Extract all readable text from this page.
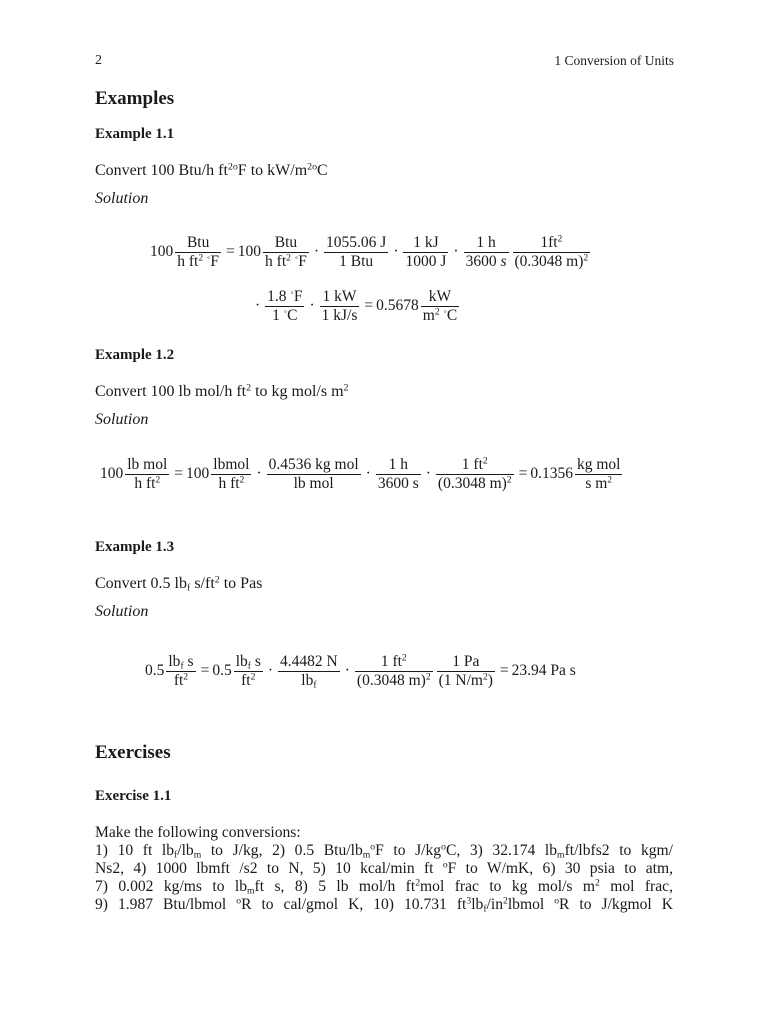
2	1 Conversion of Units
Examples
Example 1.1
Convert 100 Btu/h $ft^{2o}F$ to $kW/m^{2o}C$
Solution
$100 \frac{\text{Btu}}{h ft^2 ^◦F} = 100 \frac{\text{Btu}}{h ft^2 ^◦F} \cdot \frac{1055.06 J}{\text{1 Btu}} \cdot \frac{1 kJ}{1000 J} \cdot \frac{1 h}{3600 s} \frac{1ft^2}{(0.3048 m)^2}$
· $\frac{1.8 ^◦F}{1 ^◦C} \cdot \frac{1 kW}{1 kJ/s} = 0.5678 \frac{kW}{m^2 ^◦C}$
Example 1.2
Convert 100 lb mol/h $ft^2$ to kg mol/s $m^2$
Solution
$100 \frac{\text{lb mol}}{h ft^2} = 100 \frac{\text{lbmol}}{h ft^2} \cdot \frac{\text{0.4536 kg mol}}{\text{lb mol}} \cdot \frac{1 h}{3600 s} \cdot \frac{1 ft^2}{(0.3048 m)^2} = 0.1356 \frac{\text{kg mol}}{s m^2}$
Example 1.3
Convert 0.5 $lb_f$ $s/ft^2$ to Pas
Solution
$0.5 \frac{lb_f s}{ft^2} = 0.5 \frac{lb_f s}{ft^2} \cdot \frac{4.4482 N}{lb_f} \cdot \frac{1 ft^2}{(0.3048 m)^2} \frac{1 Pa}{(1 N/m^2)} = 23.94$ Pa s
Exercises
Exercise 1.1
Make the following conversions:
1) 10 ft $lb_f/lb_m$ to J/kg, 2) 0.5 Btu/$lb_m^oF$ to $J/kg^oC$, 3) 32.174 $lb_mft/lbfs2$ to kgm/
Ns2, 4) 1000 lbmft /s2 to N, 5) 10 kcal/min ft $^o$F to W/mK, 6) 30 psia to atm,
7) 0.002 kg/ms to $lb_mft$ s, 8) 5 lb mol/h $ft^2mol$ frac to kg mol/s $m^2$ mol frac,
9) 1.987 Btu/lbmol $^o$R to cal/gmol K, 10) 10.731 $ft^3lb_f/in^2lbmol$ $^o$R to J/kgmol K
